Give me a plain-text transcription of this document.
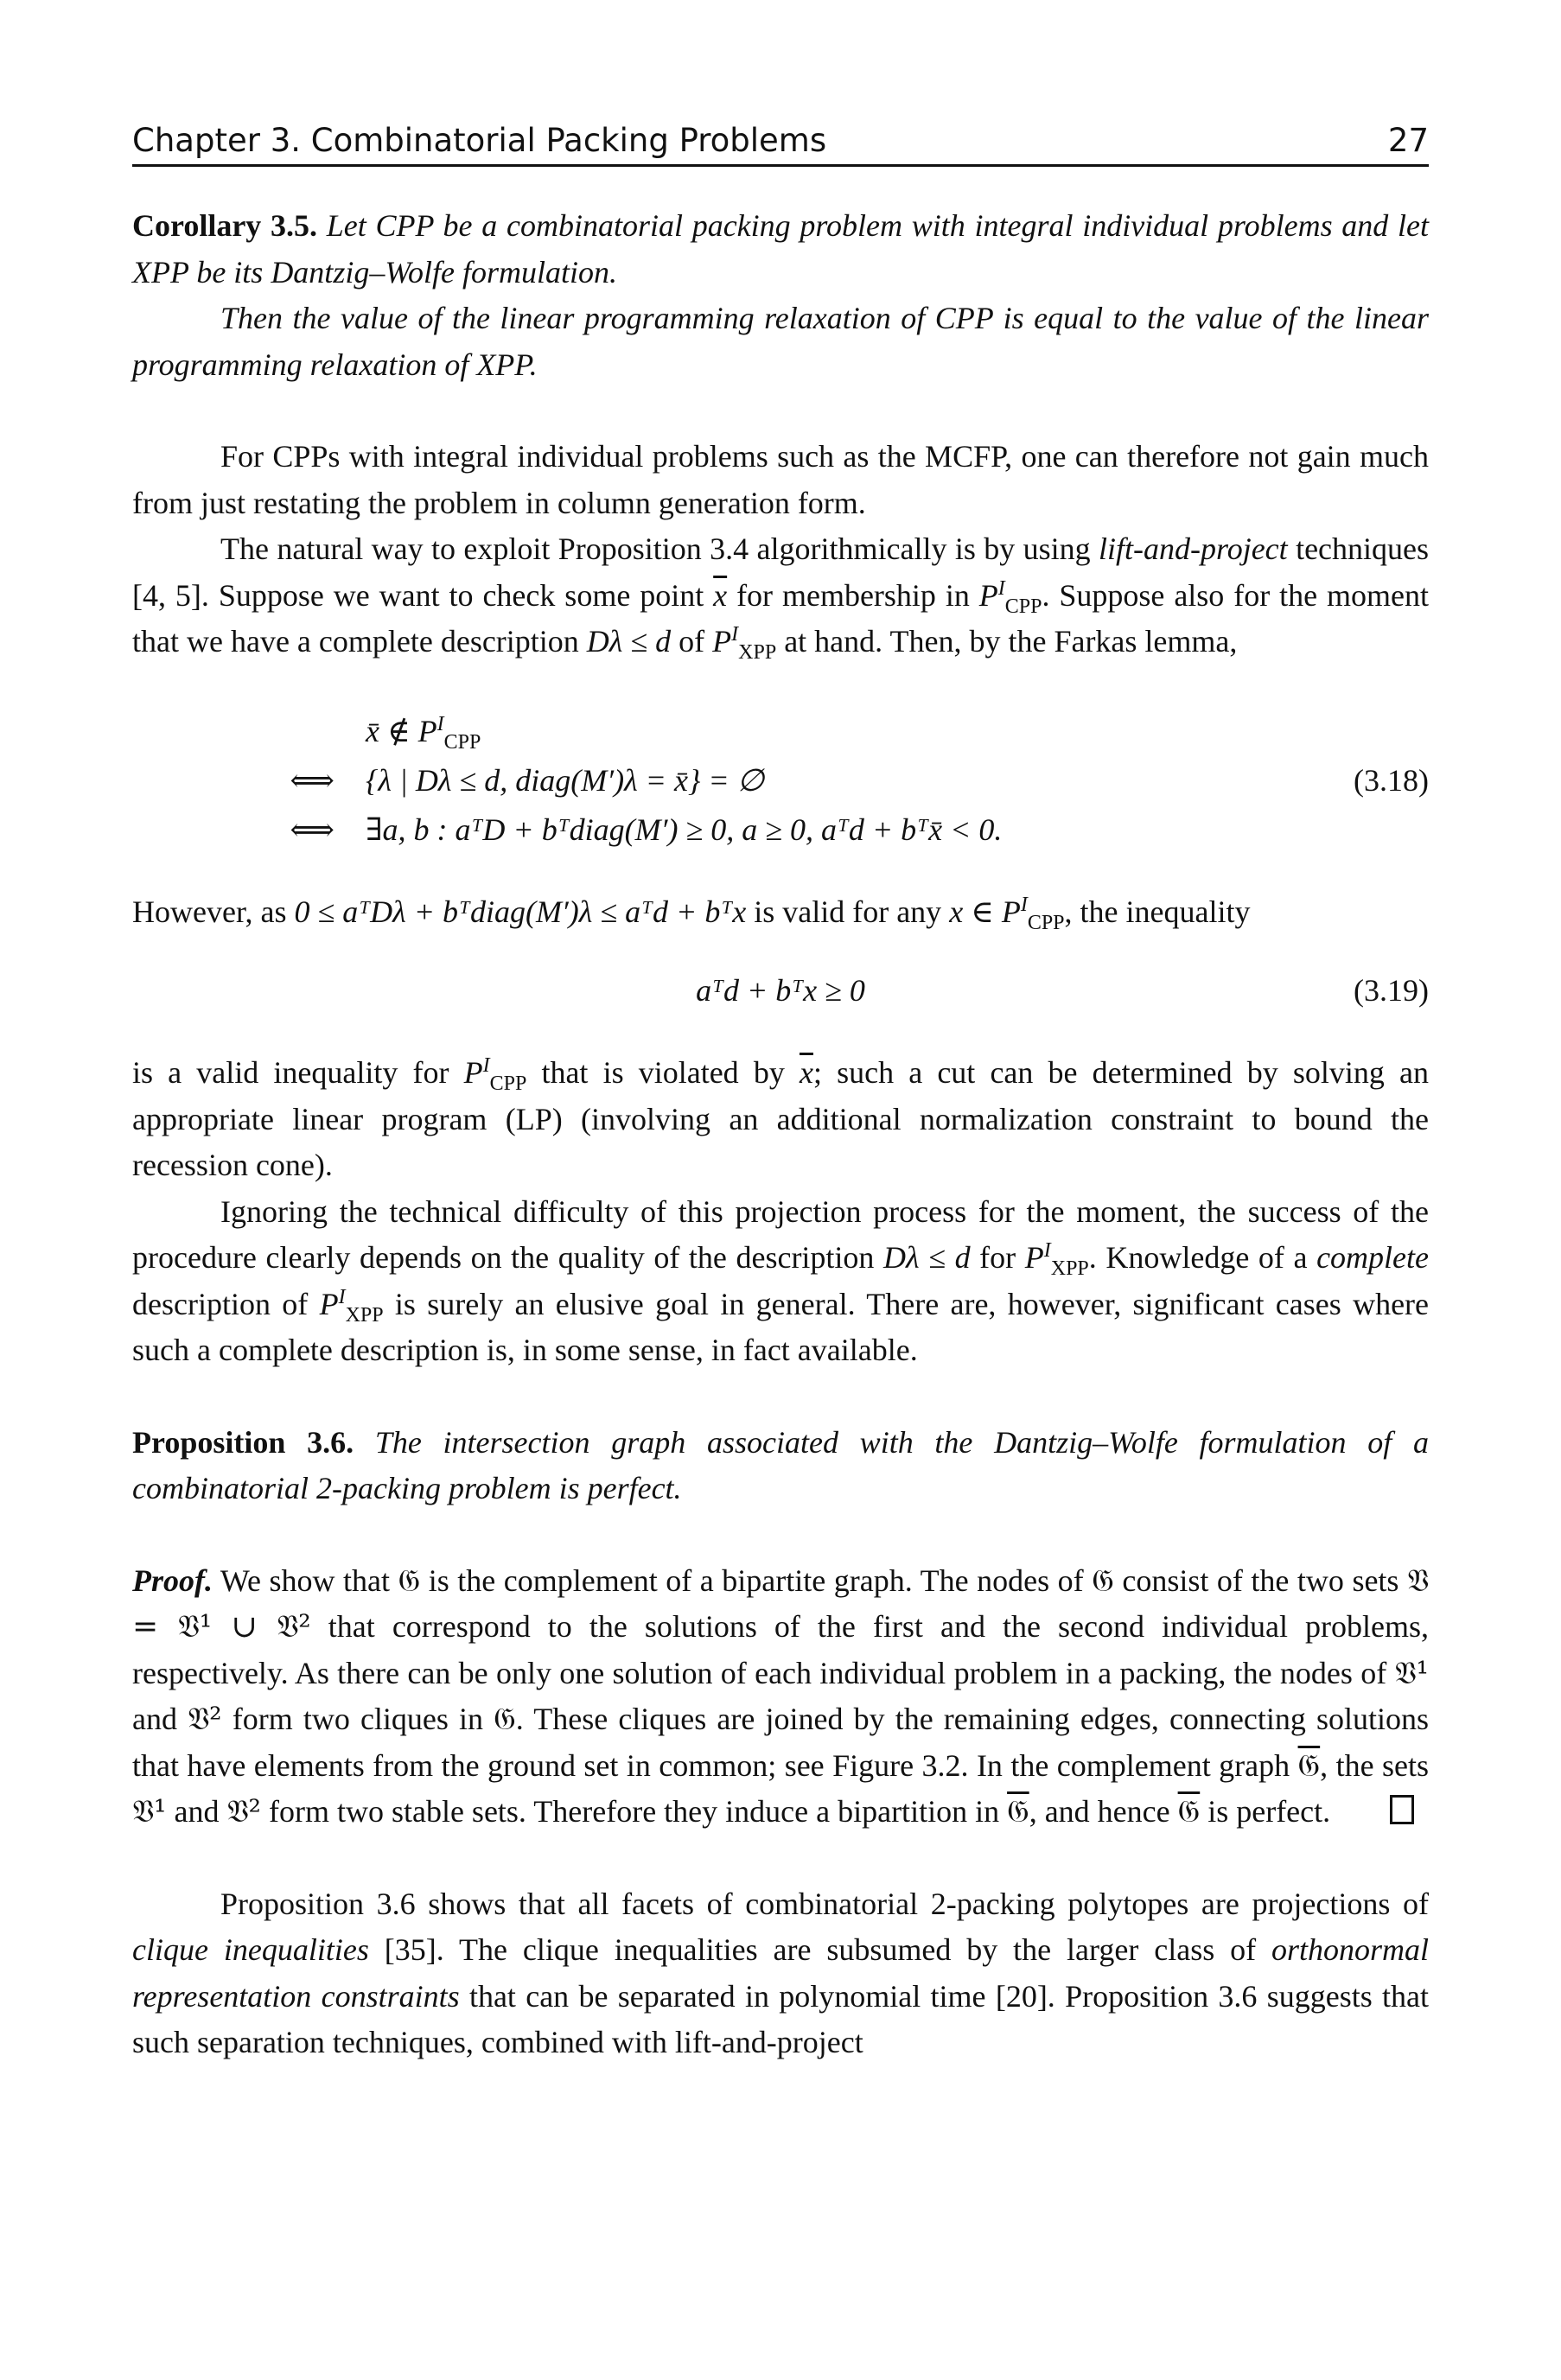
Chapter 3. Combinatorial Packing Problems	27

Corollary 3.5. Let CPP be a combinatorial packing problem with integral individual problems and let XPP be its Dantzig–Wolfe formulation.

Then the value of the linear programming relaxation of CPP is equal to the value of the linear programming relaxation of XPP.

For CPPs with integral individual problems such as the MCFP, one can therefore not gain much from just restating the problem in column generation form.

The natural way to exploit Proposition 3.4 algorithmically is by using lift-and-project techniques [4, 5]. Suppose we want to check some point $\overline{x}$ for membership in $P^I_{CPP}$. Suppose also for the moment that we have a complete description Dλ ≤ d of $P^I_{XPP}$ at hand. Then, by the Farkas lemma,

x̄ ∉ $P^I_{CPP}$
⟺	{λ | Dλ ≤ d, diag(M′)λ = x̄} = ∅	(3.18)
⟺	∃a, b : aᵀD + bᵀdiag(M′) ≥ 0, a ≥ 0, aᵀd + bᵀx̄ < 0.

However, as 0 ≤ aᵀDλ + bᵀdiag(M′)λ ≤ aᵀd + bᵀx is valid for any x ∈ $P^I_{CPP}$, the inequality

aᵀd + bᵀx ≥ 0	(3.19)

is a valid inequality for $P^I_{CPP}$ that is violated by $\overline{x}$; such a cut can be determined by solving an appropriate linear program (LP) (involving an additional normalization constraint to bound the recession cone).

Ignoring the technical difficulty of this projection process for the moment, the success of the procedure clearly depends on the quality of the description Dλ ≤ d for $P^I_{XPP}$. Knowledge of a complete description of $P^I_{XPP}$ is surely an elusive goal in general. There are, however, significant cases where such a complete description is, in some sense, in fact available.

Proposition 3.6. The intersection graph associated with the Dantzig–Wolfe formulation of a combinatorial 2-packing problem is perfect.

Proof. We show that 𝔊 is the complement of a bipartite graph. The nodes of 𝔊 consist of the two sets 𝔙 = 𝔙¹ ∪ 𝔙² that correspond to the solutions of the first and the second individual problems, respectively. As there can be only one solution of each individual problem in a packing, the nodes of 𝔙¹ and 𝔙² form two cliques in 𝔊. These cliques are joined by the remaining edges, connecting solutions that have elements from the ground set in common; see Figure 3.2. In the complement graph 𝔊, the sets 𝔙¹ and 𝔙² form two stable sets. Therefore they induce a bipartition in 𝔊, and hence 𝔊 is perfect.

Proposition 3.6 shows that all facets of combinatorial 2-packing polytopes are projections of clique inequalities [35]. The clique inequalities are subsumed by the larger class of orthonormal representation constraints that can be separated in polynomial time [20]. Proposition 3.6 suggests that such separation techniques, combined with lift-and-project
